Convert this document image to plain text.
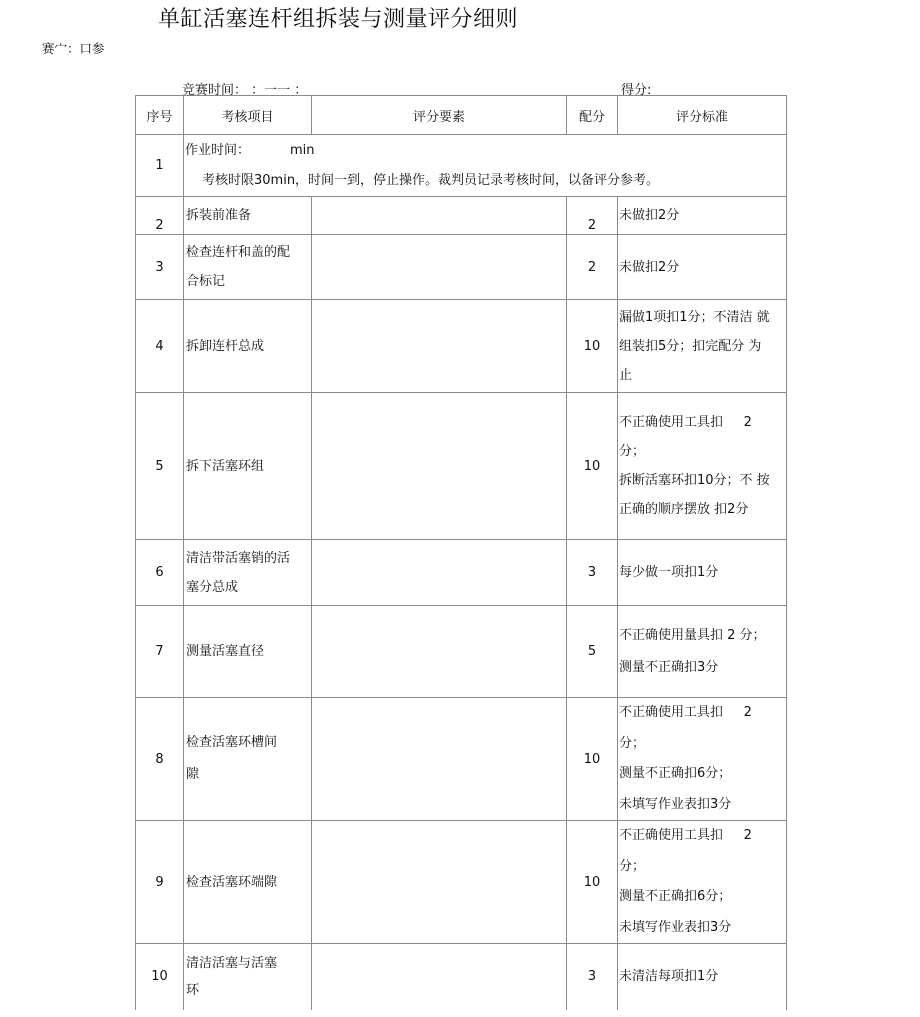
单缸活塞连杆组拆装与测量评分细则
赛宀：口参
竞赛时间： ：一一 ：	得分:
序号	考核项目	评分要素	配分	评分标准
1	作业时间： min
考核时限30min，时间一到，停止操作。裁判员记录考核时间，以备评分参考。			

2	拆装前准备		2	未做扣2分

3	检查连杆和盖的配
合标记		2	未做扣2分

4	拆卸连杆总成		10	漏做1项扣1分；不清洁 就
组装扣5分；扣完配分 为
止

5	拆下活塞环组		10	不正确使用工具扣     2
分；
拆断活塞环扣10分；不 按
正确的顺序摆放 扣2分

6	清洁带活塞销的活
塞分总成		3	每少做一项扣1分

7	测量活塞直径		5	不正确使用量具扣 2 分；
测量不正确扣3分

8	检查活塞环槽间
隙		10	不正确使用工具扣     2
分；
测量不正确扣6分；
未填写作业表扣3分

9	检查活塞环端隙		10	不正确使用工具扣     2
分；
测量不正确扣6分；
未填写作业表扣3分

10	清洁活塞与活塞
环		3	未清洁每项扣1分
